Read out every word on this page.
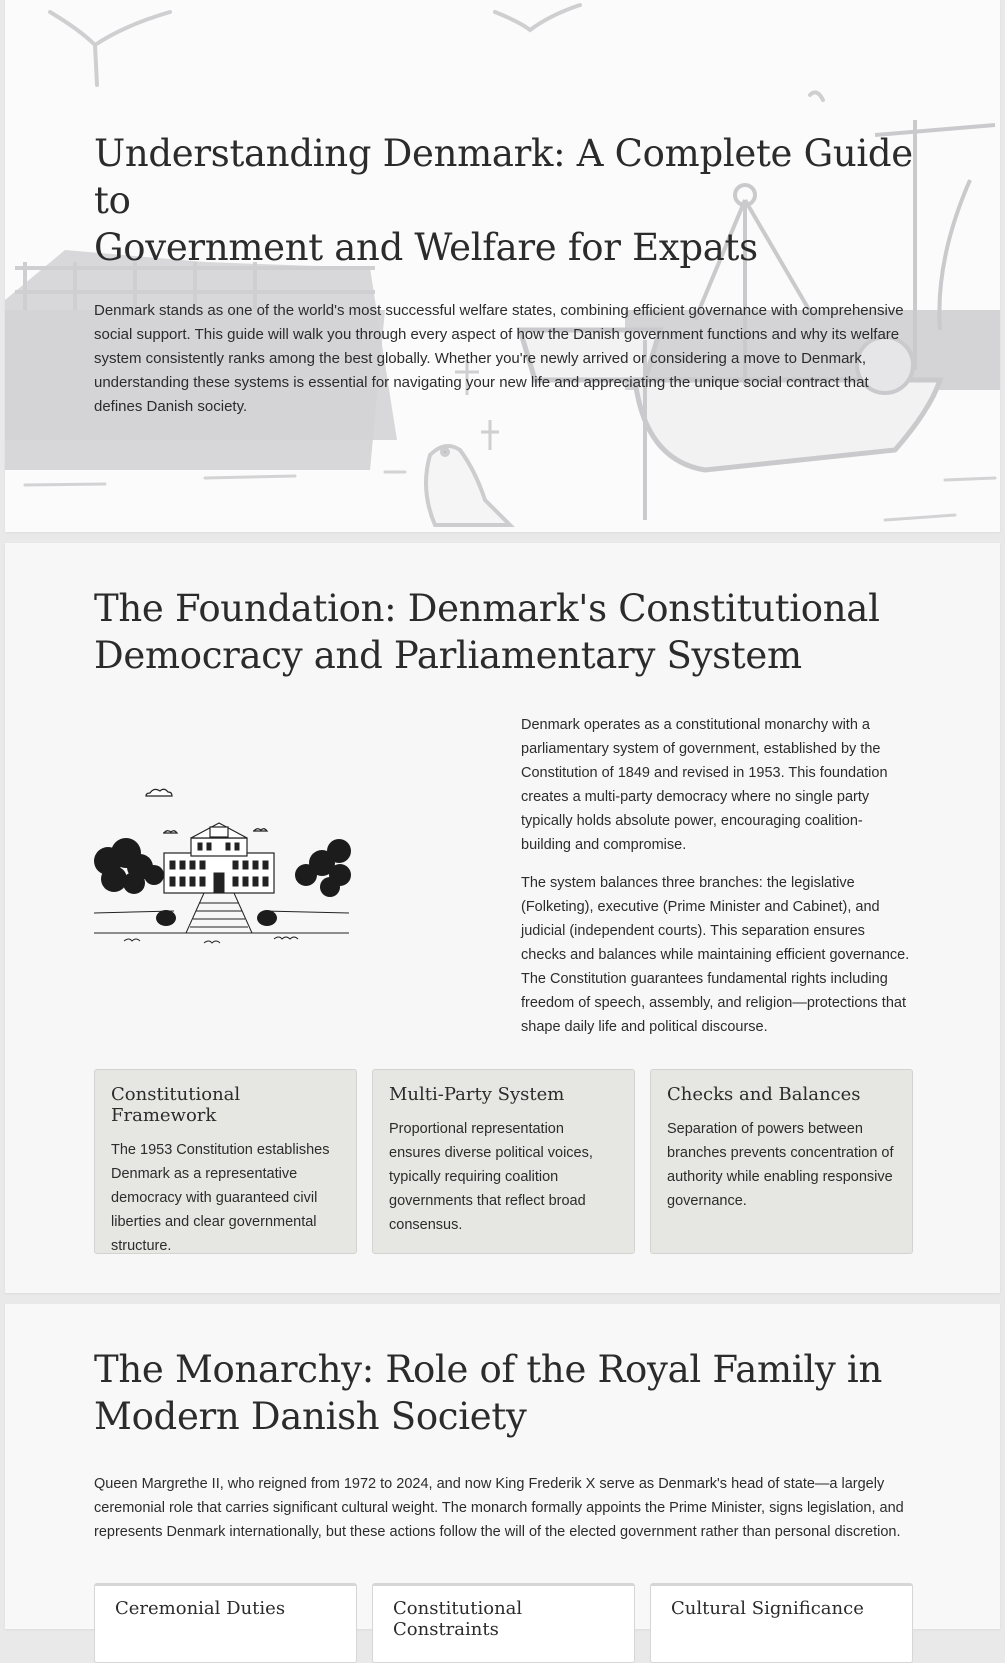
Understanding Denmark: A Complete Guide to
Government and Welfare for Expats

Denmark stands as one of the world's most successful welfare states, combining efficient governance with comprehensive social support. This guide will walk you through every aspect of how the Danish government functions and why its welfare system consistently ranks among the best globally. Whether you're newly arrived or considering a move to Denmark, understanding these systems is essential for navigating your new life and appreciating the unique social contract that defines Danish society.

The Foundation: Denmark's Constitutional
Democracy and Parliamentary System

Denmark operates as a constitutional monarchy with a parliamentary system of government, established by the Constitution of 1849 and revised in 1953. This foundation creates a multi-party democracy where no single party typically holds absolute power, encouraging coalition-building and compromise.

The system balances three branches: the legislative (Folketing), executive (Prime Minister and Cabinet), and judicial (independent courts). This separation ensures checks and balances while maintaining efficient governance. The Constitution guarantees fundamental rights including freedom of speech, assembly, and religion—protections that shape daily life and political discourse.

Constitutional Framework

The 1953 Constitution establishes Denmark as a representative democracy with guaranteed civil liberties and clear governmental structure.

Multi-Party System

Proportional representation ensures diverse political voices, typically requiring coalition governments that reflect broad consensus.

Checks and Balances

Separation of powers between branches prevents concentration of authority while enabling responsive governance.

The Monarchy: Role of the Royal Family in
Modern Danish Society

Queen Margrethe II, who reigned from 1972 to 2024, and now King Frederik X serve as Denmark's head of state—a largely ceremonial role that carries significant cultural weight. The monarch formally appoints the Prime Minister, signs legislation, and represents Denmark internationally, but these actions follow the will of the elected government rather than personal discretion.

Ceremonial Duties	Constitutional Constraints
Cultural Significance
